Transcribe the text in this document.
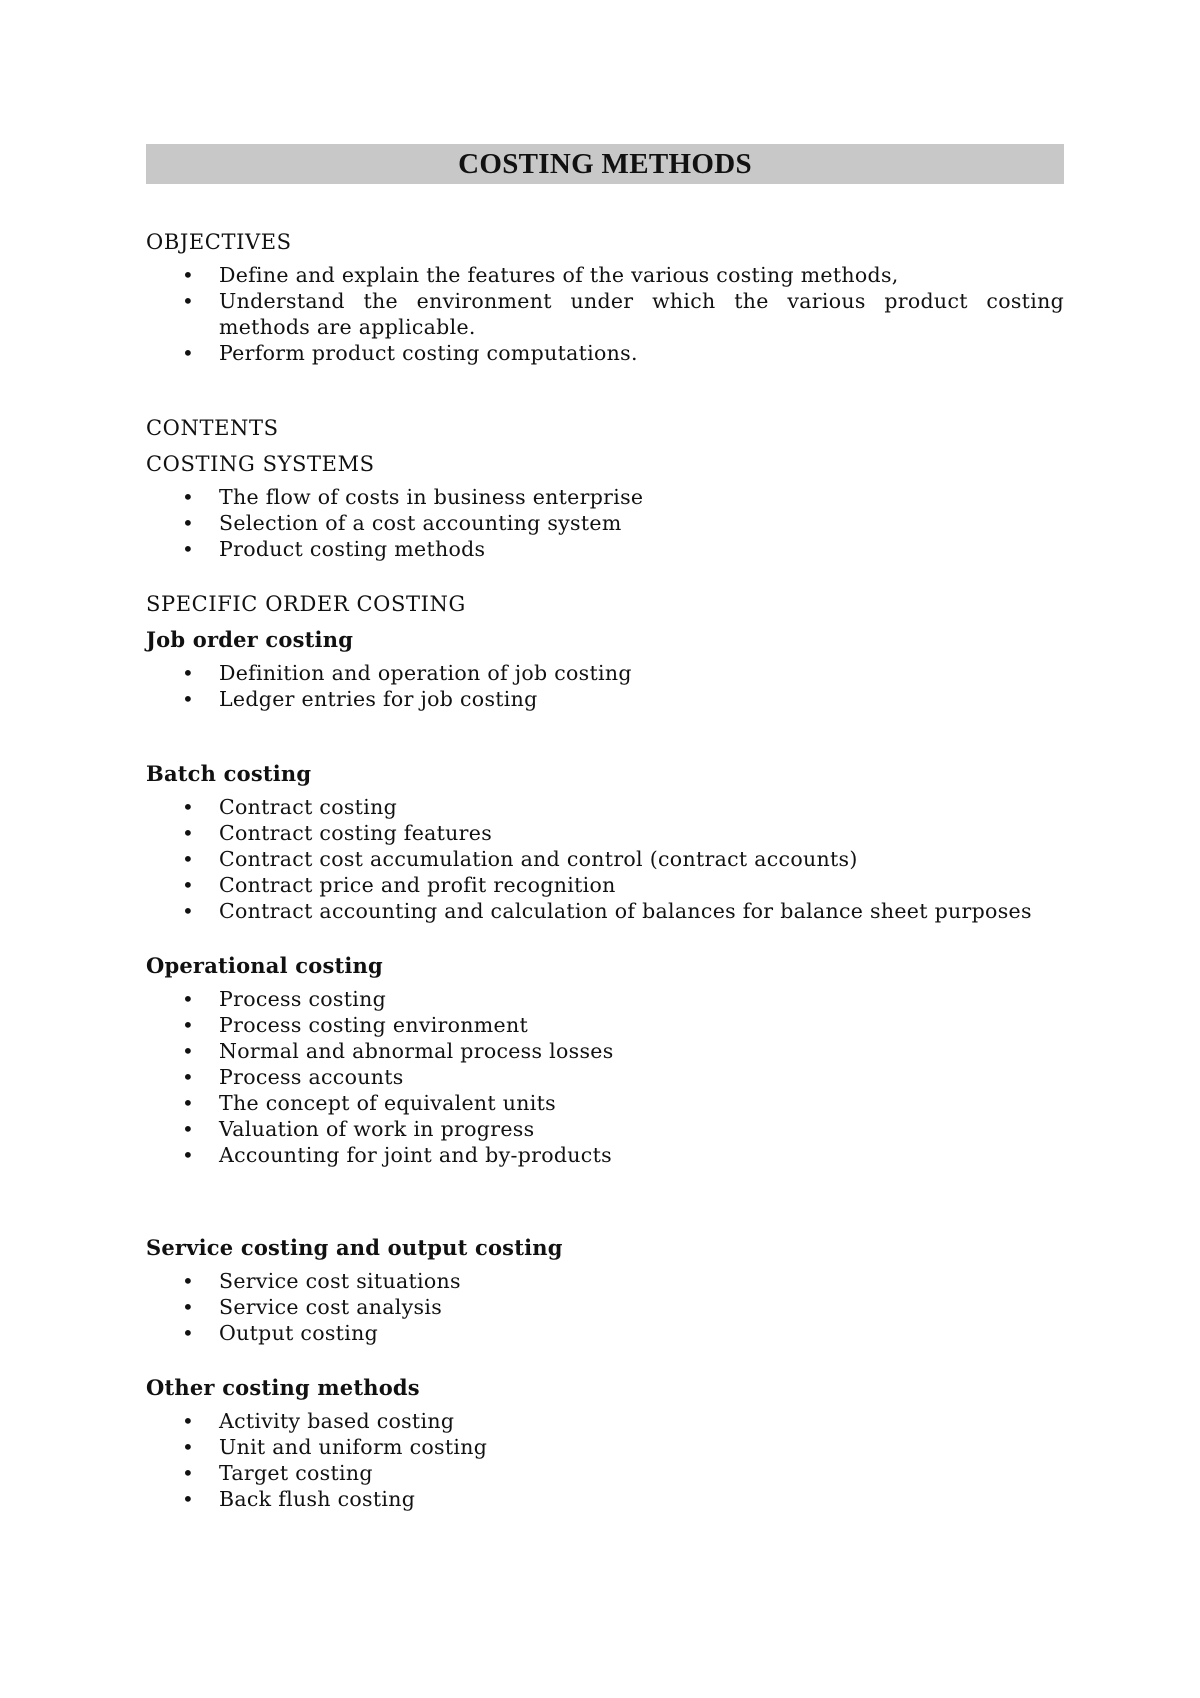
COSTING METHODS

OBJECTIVES

• Define and explain the features of the various costing methods,
• Understand the environment under which the various product costing methods are applicable.
• Perform product costing computations.

CONTENTS

COSTING SYSTEMS

• The flow of costs in business enterprise
• Selection of a cost accounting system
• Product costing methods

SPECIFIC ORDER COSTING

Job order costing

• Definition and operation of job costing
• Ledger entries for job costing

Batch costing

• Contract costing
• Contract costing features
• Contract cost accumulation and control (contract accounts)
• Contract price and profit recognition
• Contract accounting and calculation of balances for balance sheet purposes

Operational costing

• Process costing
• Process costing environment
• Normal and abnormal process losses
• Process accounts
• The concept of equivalent units
• Valuation of work in progress
• Accounting for joint and by-products

Service costing and output costing

• Service cost situations
• Service cost analysis
• Output costing

Other costing methods

• Activity based costing
• Unit and uniform costing
• Target costing
• Back flush costing
